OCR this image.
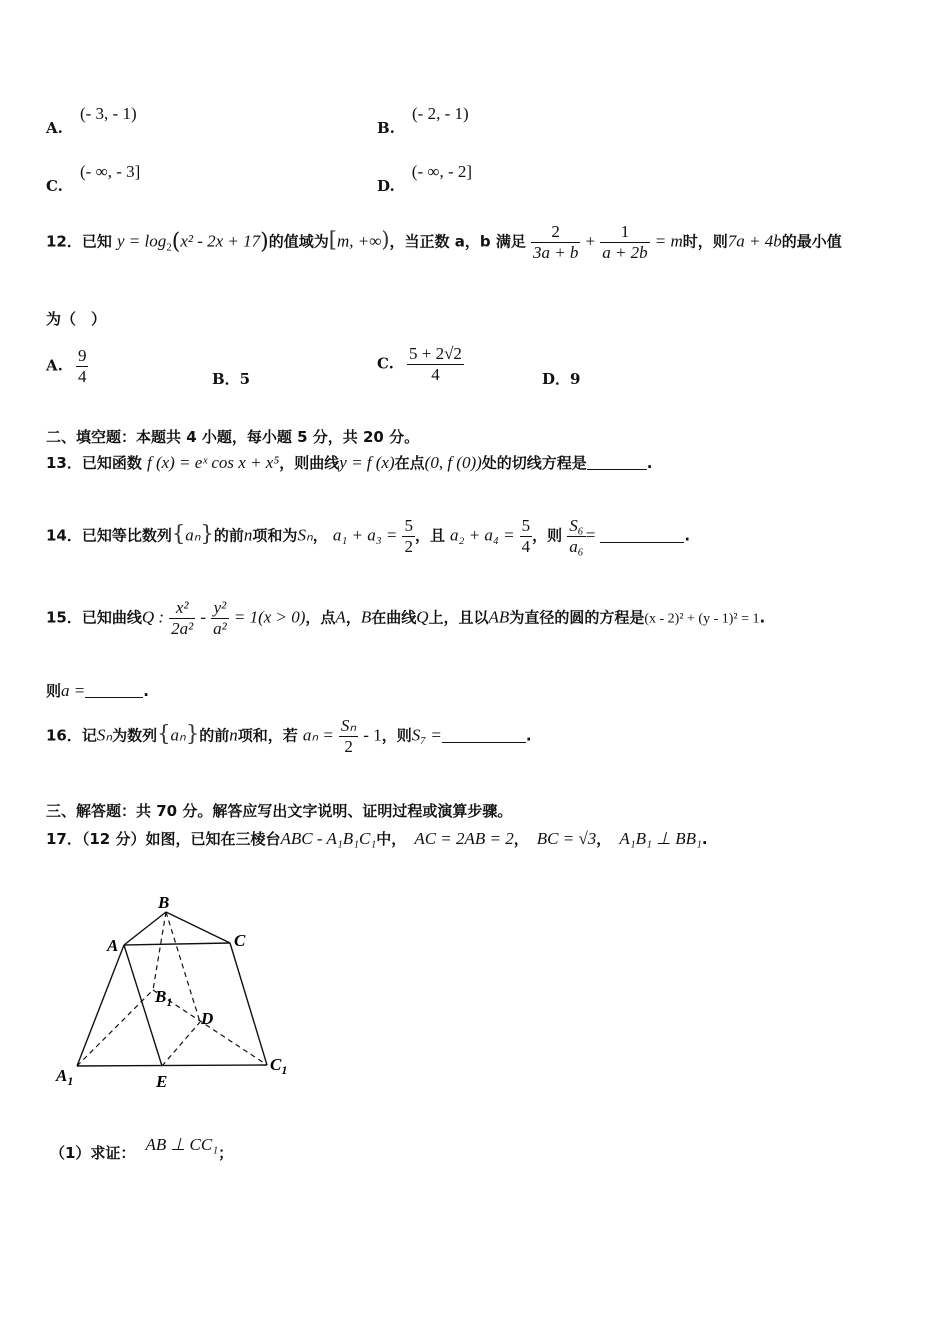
A. (- 3, - 1)
B. (- 2, - 1)
C. (- ∞, - 3]
D. (- ∞, - 2]
12．已知 $y = \log_2(x^2 - 2x + 17)$的值域为[m, +∞)，当正数 a，b 满足 $\frac{2}{3a + b} + \frac{1}{a + 2b} = m$时，则7a + 4b的最小值
为（　）
A. $\frac{9}{4}$	B．5
C. $\frac{5 + 2√2}{4}$	D．9
二、填空题：本题共 4 小题，每小题 5 分，共 20 分。
13．已知函数 f (x) = eˣ cos x + x⁵，则曲线y = f (x)在点(0, f (0))处的切线方程是	.
14．已知等比数列{aₙ}的前n项和为Sₙ， $a_1 + a_3 = \frac{5}{2}$ ，且 $a_2 + a_4 = \frac{5}{4}$ ，则 $\frac{\text{S₆}}{\text{a₆}}$ =	.
15．已知曲线Q : $\frac{\text{x²}}{\text{2a²}} - \frac{\text{y²}}{\text{a²}} = 1(x > 0)$，点A，B在曲线Q上，且以AB为直径的圆的方程是(x - 2)² + (y - 1)² = 1.
则a =	.
16．记Sₙ为数列{aₙ}的前n项和，若 $a_n = \frac{\text{Sₙ}}{2} - 1$，则S₇ =	.
三、解答题：共 70 分。解答应写出文字说明、证明过程或演算步骤。
17．（12 分）如图，已知在三棱台ABC - A₁B₁C₁中， AC = 2AB = 2， BC = √3， A₁B₁ ⊥ BB₁.
B
A	C
$B_1$
D
$A_1$	E
$C_1$
（1）求证： AB ⊥ CC₁；
